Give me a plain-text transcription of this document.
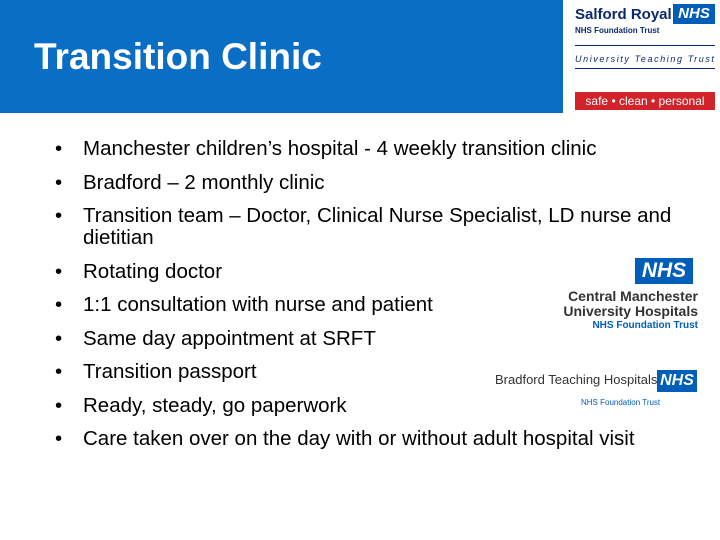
Transition Clinic
Salford Royal NHS
NHS Foundation Trust
University Teaching Trust
safe • clean • personal
• Manchester children’s hospital - 4 weekly transition clinic
• Bradford – 2 monthly clinic
• Transition team – Doctor, Clinical Nurse Specialist, LD nurse and dietitian
• Rotating doctor
• 1:1 consultation with nurse and patient
• Same day appointment at SRFT
• Transition passport
• Ready, steady, go paperwork
• Care taken over on the day with or without adult hospital visit
NHS
Central Manchester
University Hospitals
NHS Foundation Trust
Bradford Teaching Hospitals NHS
NHS Foundation Trust
